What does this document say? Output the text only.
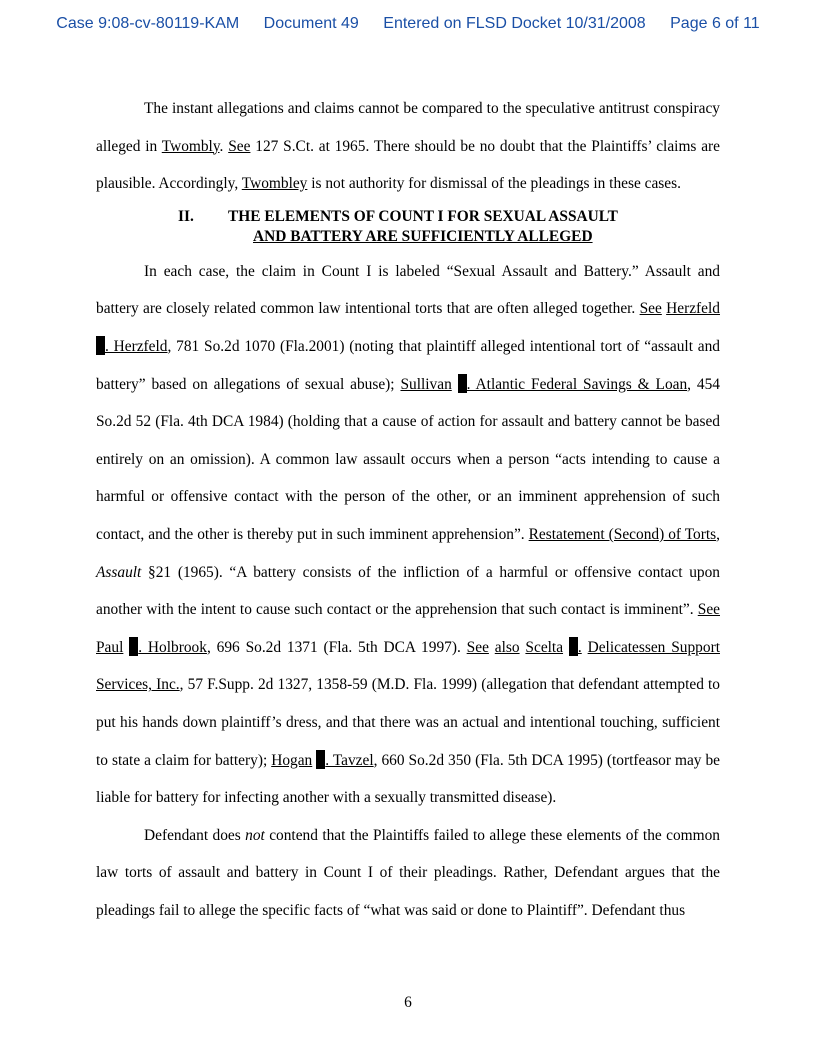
Case 9:08-cv-80119-KAM Document 49 Entered on FLSD Docket 10/31/2008 Page 6 of 11

The instant allegations and claims cannot be compared to the speculative antitrust conspiracy alleged in Twombly. See 127 S.Ct. at 1965. There should be no doubt that the Plaintiffs’ claims are plausible. Accordingly, Twombley is not authority for dismissal of the pleadings in these cases.

II.	THE ELEMENTS OF COUNT I FOR SEXUAL ASSAULT
AND BATTERY ARE SUFFICIENTLY ALLEGED

In each case, the claim in Count I is labeled “Sexual Assault and Battery.” Assault and battery are closely related common law intentional torts that are often alleged together. See Herzfeld . Herzfeld, 781 So.2d 1070 (Fla.2001) (noting that plaintiff alleged intentional tort of “assault and battery” based on allegations of sexual abuse); Sullivan . Atlantic Federal Savings & Loan, 454 So.2d 52 (Fla. 4th DCA 1984) (holding that a cause of action for assault and battery cannot be based entirely on an omission). A common law assault occurs when a person “acts intending to cause a harmful or offensive contact with the person of the other, or an imminent apprehension of such contact, and the other is thereby put in such imminent apprehension”. Restatement (Second) of Torts, Assault §21 (1965). “A battery consists of the infliction of a harmful or offensive contact upon another with the intent to cause such contact or the apprehension that such contact is imminent”. See Paul . Holbrook, 696 So.2d 1371 (Fla. 5th DCA 1997). See also Scelta . Delicatessen Support Services, Inc., 57 F.Supp. 2d 1327, 1358-59 (M.D. Fla. 1999) (allegation that defendant attempted to put his hands down plaintiff’s dress, and that there was an actual and intentional touching, sufficient to state a claim for battery); Hogan . Tavzel, 660 So.2d 350 (Fla. 5th DCA 1995) (tortfeasor may be liable for battery for infecting another with a sexually transmitted disease).

Defendant does not contend that the Plaintiffs failed to allege these elements of the common law torts of assault and battery in Count I of their pleadings. Rather, Defendant argues that the pleadings fail to allege the specific facts of “what was said or done to Plaintiff”. Defendant thus

6
